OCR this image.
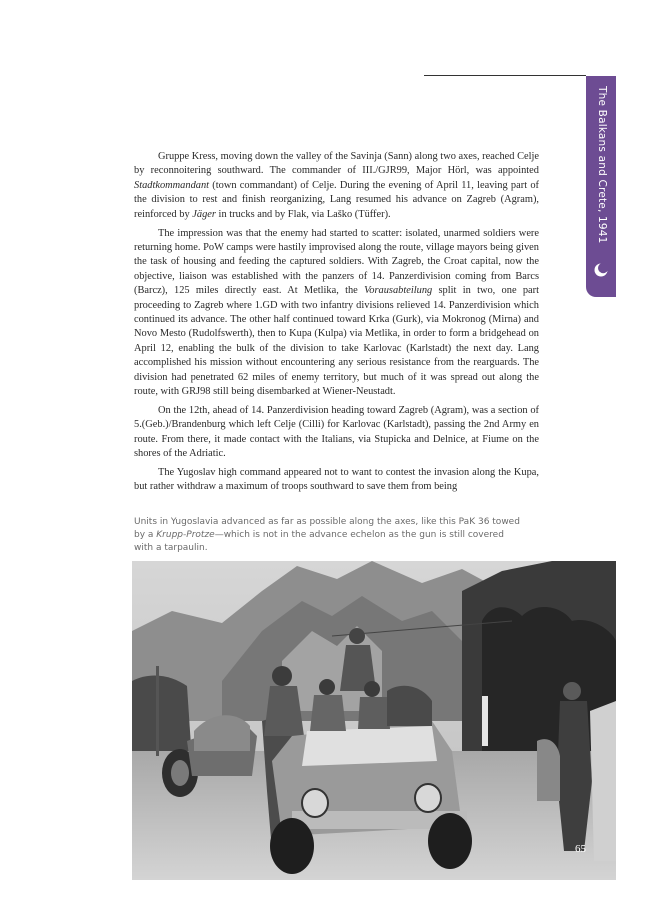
The Balkans and Crete, 1941

Gruppe Kress, moving down the valley of the Savinja (Sann) along two axes, reached Celje by reconnoitering southward. The commander of III./GJR99, Major Hörl, was appointed Stadtkommandant (town commandant) of Celje. During the evening of April 11, leaving part of the division to rest and finish reorganizing, Lang resumed his advance on Zagreb (Agram), reinforced by Jäger in trucks and by Flak, via Laško (Tüffer).

The impression was that the enemy had started to scatter: isolated, unarmed soldiers were returning home. PoW camps were hastily improvised along the route, village mayors being given the task of housing and feeding the captured soldiers. With Zagreb, the Croat capital, now the objective, liaison was established with the panzers of 14. Panzerdivision coming from Barcs (Barcz), 125 miles directly east. At Metlika, the Vorausabteilung split in two, one part proceeding to Zagreb where 1.GD with two infantry divisions relieved 14. Panzerdivision which continued its advance. The other half continued toward Krka (Gurk), via Mokronog (Mirna) and Novo Mesto (Rudolfswerth), then to Kupa (Kulpa) via Metlika, in order to form a bridgehead on April 12, enabling the bulk of the division to take Karlovac (Karlstadt) the next day. Lang accomplished his mission without encountering any serious resistance from the rearguards. The division had penetrated 62 miles of enemy territory, but much of it was spread out along the route, with GRJ98 still being disembarked at Wiener-Neustadt.

On the 12th, ahead of 14. Panzerdivision heading toward Zagreb (Agram), was a section of 5.(Geb.)/Brandenburg which left Celje (Cilli) for Karlovac (Karlstadt), passing the 2nd Army en route. From there, it made contact with the Italians, via Stupicka and Delnice, at Fiume on the shores of the Adriatic.

The Yugoslav high command appeared not to want to contest the invasion along the Kupa, but rather withdraw a maximum of troops southward to save them from being

Units in Yugoslavia advanced as far as possible along the axes, like this PaK 36 towed by a Krupp-Protze—which is not in the advance echelon as the gun is still covered with a tarpaulin.
65
